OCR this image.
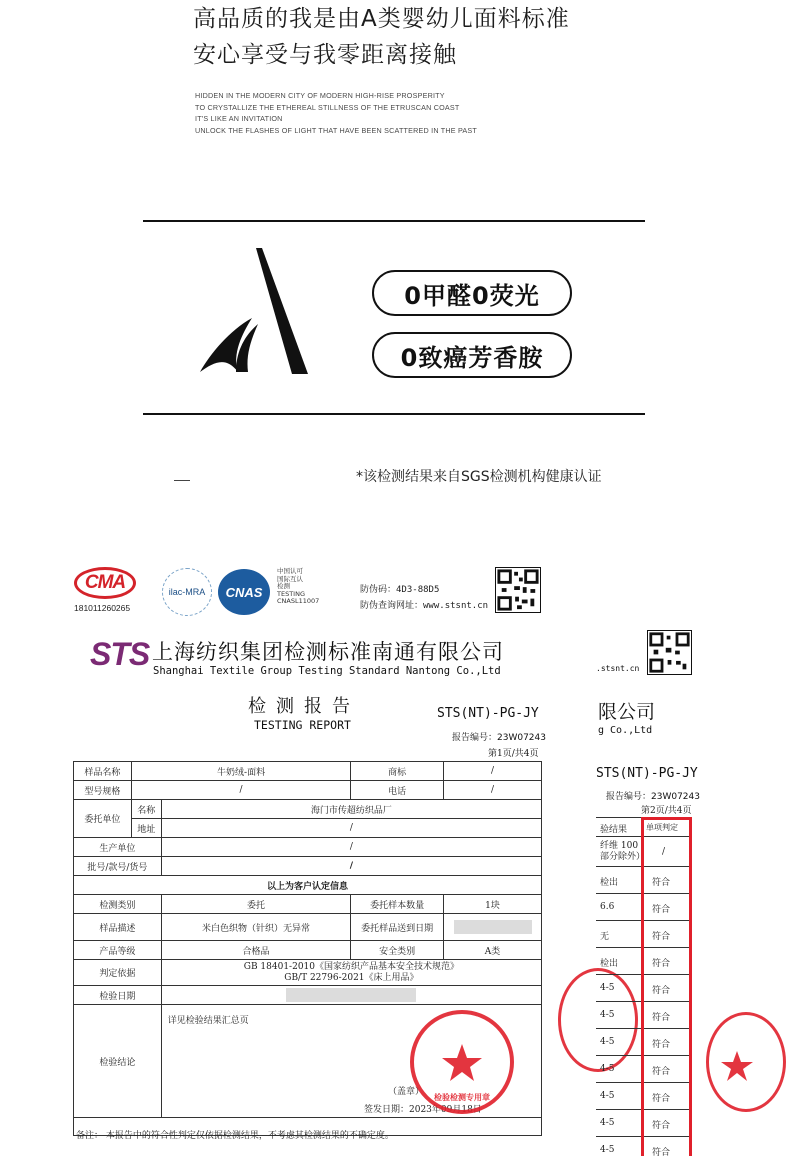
高品质的我是由A类婴幼儿面料标准
安心享受与我零距离接触
HIDDEN IN THE MODERN CITY OF MODERN HIGH-RISE PROSPERITY
TO CRYSTALLIZE THE ETHEREAL STILLNESS OF THE ETRUSCAN COAST
IT'S LIKE AN INVITATION
UNLOCK THE FLASHES OF LIGHT THAT HAVE BEEN SCATTERED IN THE PAST
0甲醛0荧光
0致癌芳香胺
*该检测结果来自SGS检测机构健康认证
CMA
181011260265
ilac-MRA	CNAS
中国认可
国际互认
检测
TESTING
CNASL11007
防伪码：4D3-88D5
防伪查询网址：www.stsnt.cn
STS 上海纺织集团检测标准南通有限公司
Shanghai Textile Group Testing Standard Nantong Co.,Ltd
检测报告
TESTING REPORT
STS(NT)-PG-JY
报告编号：23W07243
第1页/共4页
样品名称	牛奶绒-面料		商标	/
型号规格	/		电话	/
委托单位	名称	海门市传超纺织品厂		
	地址	/		
生产单位		/		
批号/款号/货号		/		
以上为客户认定信息				
检测类别		委托	委托样本数量	1块
样品描述		米白色织物（针织）无异常	委托样品送到日期	
产品等级		合格品	安全类别	A类
判定依据		GB 18401-2010《国家纺织产品基本安全技术规范》
GB/T 22796-2021《床上用品》		

检验日期				
检验结论		详见检验结果汇总页		

（盖章）
签发日期：2023年09月18日
备注： 本报告中的符合性判定仅依据检测结果，不考虑其检测结果的不确定度。
检验检测专用章
.stsnt.cn
限公司
g Co.,Ltd
STS(NT)-PG-JY
报告编号：23W07243
第2页/共4页
验结果 单项判定
纤维 100
部分除外） /
检出	符合
6.6	符合
无	符合
检出	符合
4-5	符合
4-5	符合
4-5	符合
4-5	符合
4-5	符合
4-5	符合
4-5	符合
